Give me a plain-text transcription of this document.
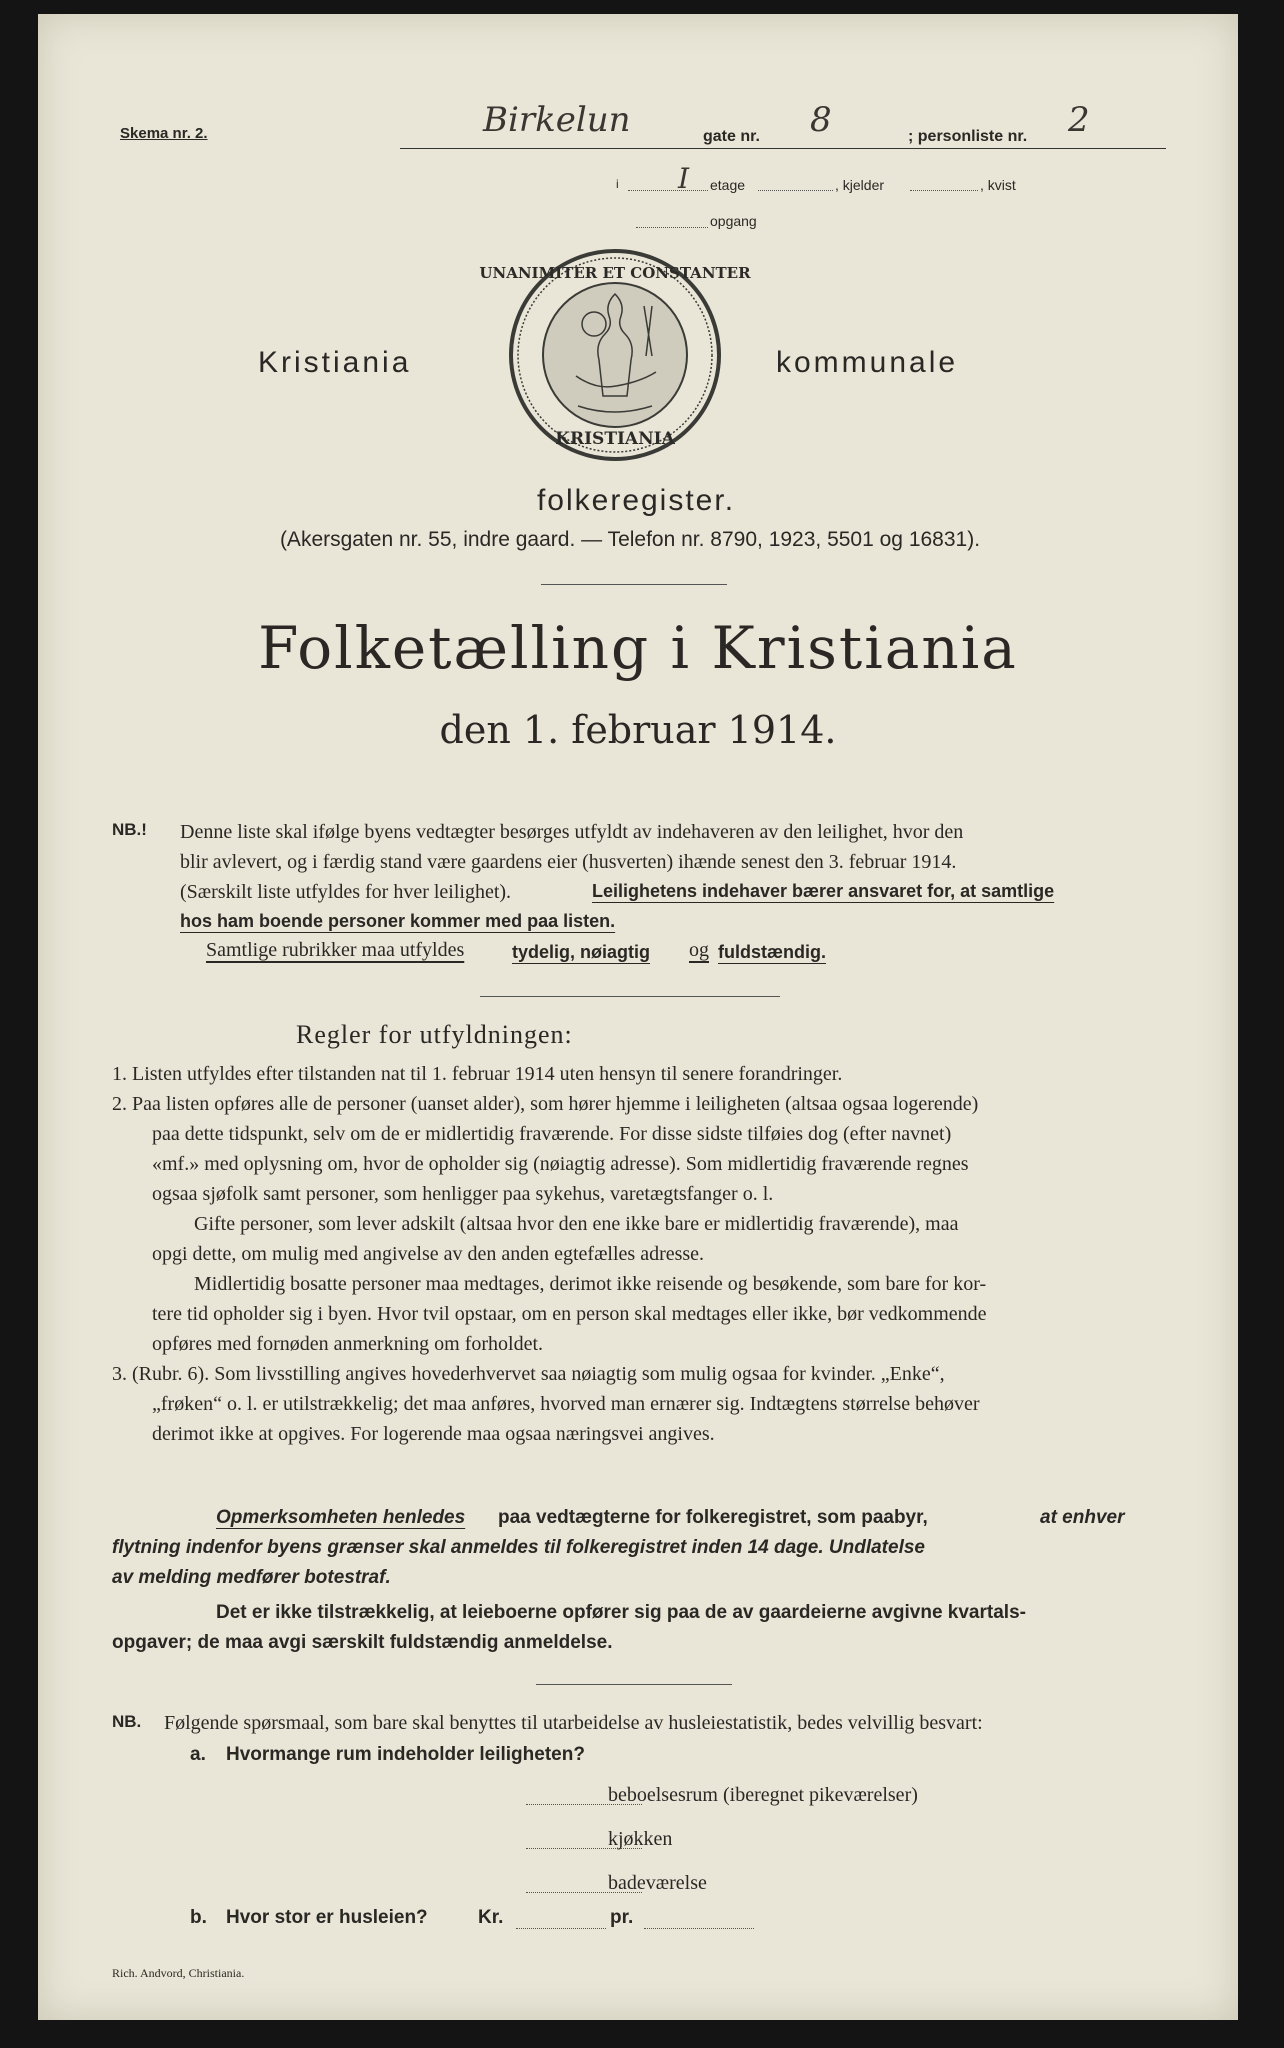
Skema nr. 2.	Birkelun	gate nr. 8	; personliste nr. 2
i I etage	, kjelder	, kvist
opgang
Kristiania
UNANIMITER ET CONSTANTER
KRISTIANIA
kommunale
folkeregister.
(Akersgaten nr. 55, indre gaard. — Telefon nr. 8790, 1923, 5501 og 16831).
Folketælling i Kristiania
den 1. februar 1914.
NB.! Denne liste skal ifølge byens vedtægter besørges utfyldt av indehaveren av den leilighet, hvor den
blir avlevert, og i færdig stand være gaardens eier (husverten) ihænde senest den 3. februar 1914.
(Særskilt liste utfyldes for hver leilighet).	Leilighetens indehaver bærer ansvaret for, at samtlige
hos ham boende personer kommer med paa listen.
Samtlige rubrikker maa utfyldes	tydelig, nøiagtig og fuldstændig.
Regler for utfyldningen:
1. Listen utfyldes efter tilstanden nat til 1. februar 1914 uten hensyn til senere forandringer.
2. Paa listen opføres alle de personer (uanset alder), som hører hjemme i leiligheten (altsaa ogsaa logerende)
paa dette tidspunkt, selv om de er midlertidig fraværende. For disse sidste tilføies dog (efter navnet)
«mf.» med oplysning om, hvor de opholder sig (nøiagtig adresse). Som midlertidig fraværende regnes
ogsaa sjøfolk samt personer, som henligger paa sykehus, varetægtsfanger o. l.
Gifte personer, som lever adskilt (altsaa hvor den ene ikke bare er midlertidig fraværende), maa
opgi dette, om mulig med angivelse av den anden egtefælles adresse.
Midlertidig bosatte personer maa medtages, derimot ikke reisende og besøkende, som bare for kor-
tere tid opholder sig i byen. Hvor tvil opstaar, om en person skal medtages eller ikke, bør vedkommende
opføres med fornøden anmerkning om forholdet.
3. (Rubr. 6). Som livsstilling angives hovederhvervet saa nøiagtig som mulig ogsaa for kvinder. „Enke“,
„frøken“ o. l. er utilstrækkelig; det maa anføres, hvorved man ernærer sig. Indtægtens størrelse behøver
derimot ikke at opgives. For logerende maa ogsaa næringsvei angives.
Opmerksomheten henledes paa vedtægterne for folkeregistret, som paabyr,	at enhver
flytning indenfor byens grænser skal anmeldes til folkeregistret inden 14 dage. Undlatelse
av melding medfører botestraf.
Det er ikke tilstrækkelig, at leieboerne opfører sig paa de av gaardeierne avgivne kvartals-
opgaver; de maa avgi særskilt fuldstændig anmeldelse.
NB. Følgende spørsmaal, som bare skal benyttes til utarbeidelse av husleiestatistik, bedes velvillig besvart:
a. Hvormange rum indeholder leiligheten?
beboelsesrum (iberegnet pikeværelser)
kjøkken
badeværelse
b. Hvor stor er husleien?	Kr.	pr.
Rich. Andvord, Christiania.
